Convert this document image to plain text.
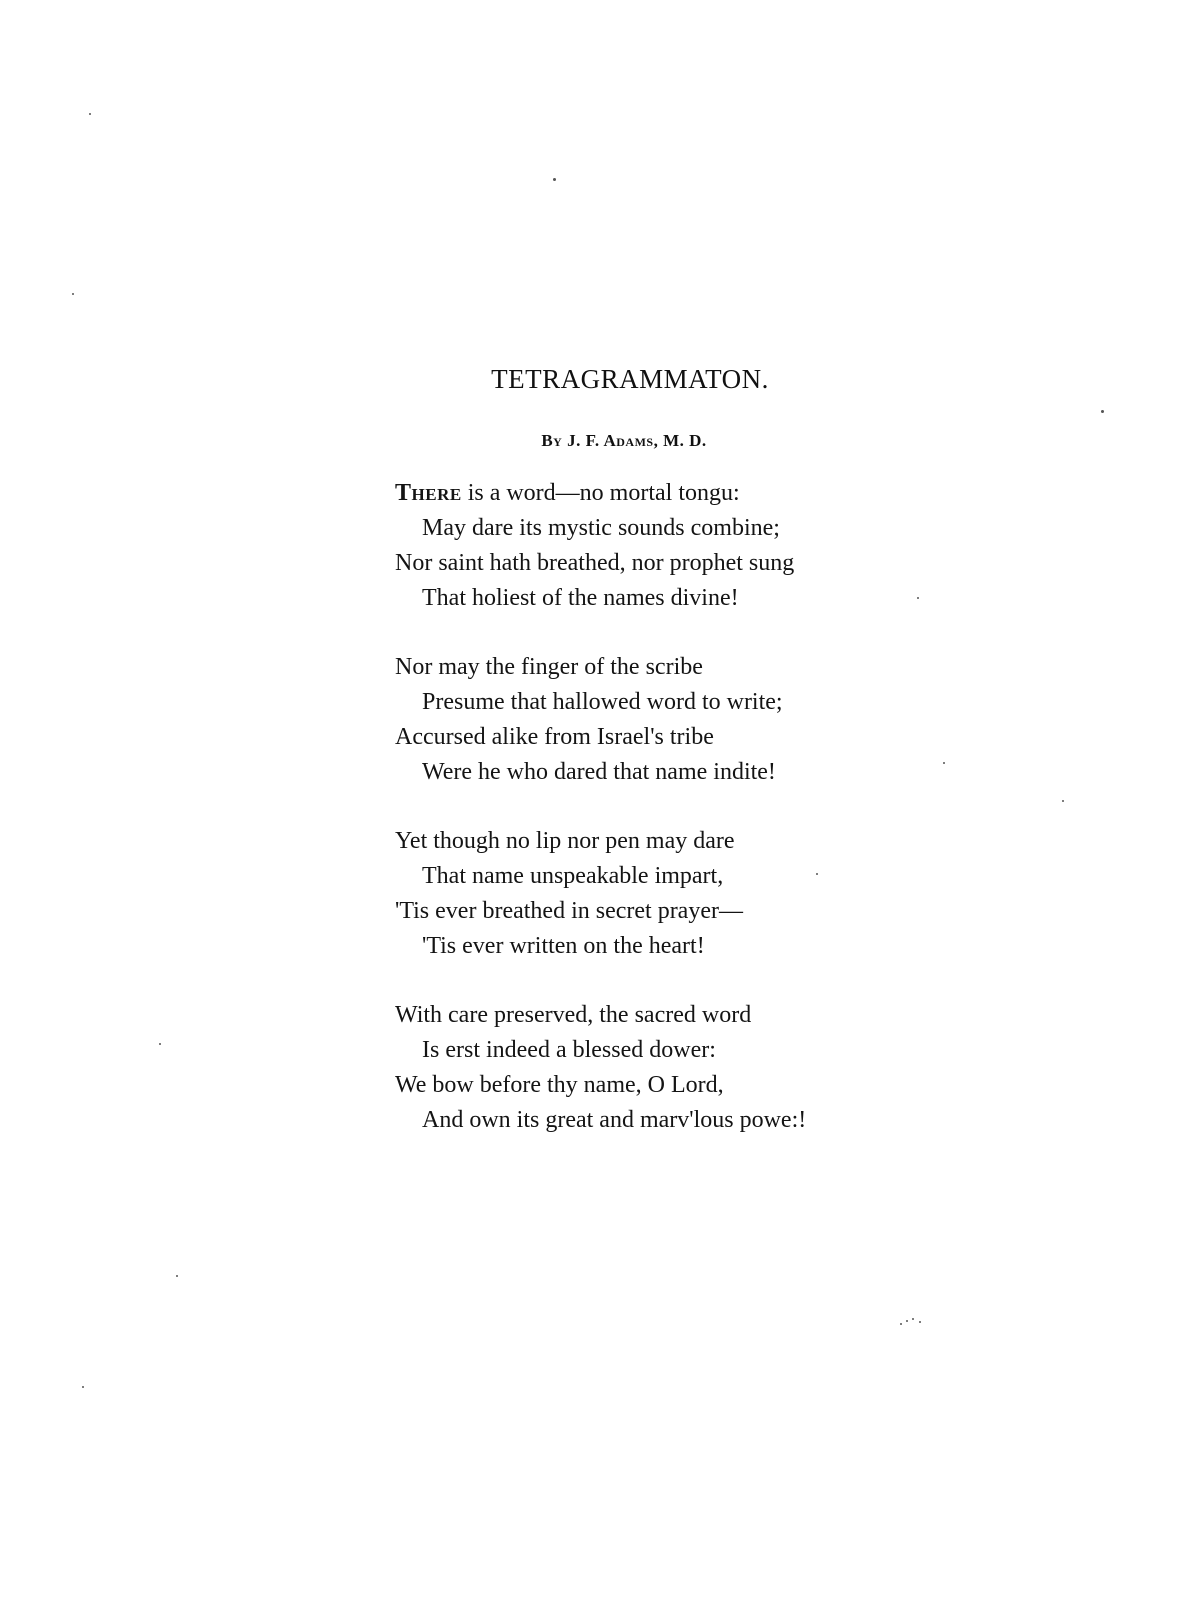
TETRAGRAMMATON.
By J. F. Adams, M. D.
There is a word—no mortal tongu:
May dare its mystic sounds combine;
Nor saint hath breathed, nor prophet sung
That holiest of the names divine!
Nor may the finger of the scribe
Presume that hallowed word to write;
Accursed alike from Israel's tribe
Were he who dared that name indite!
Yet though no lip nor pen may dare
That name unspeakable impart,
'Tis ever breathed in secret prayer—
'Tis ever written on the heart!
With care preserved, the sacred word
Is erst indeed a blessed dower:
We bow before thy name, O Lord,
And own its great and marv'lous powe:!
